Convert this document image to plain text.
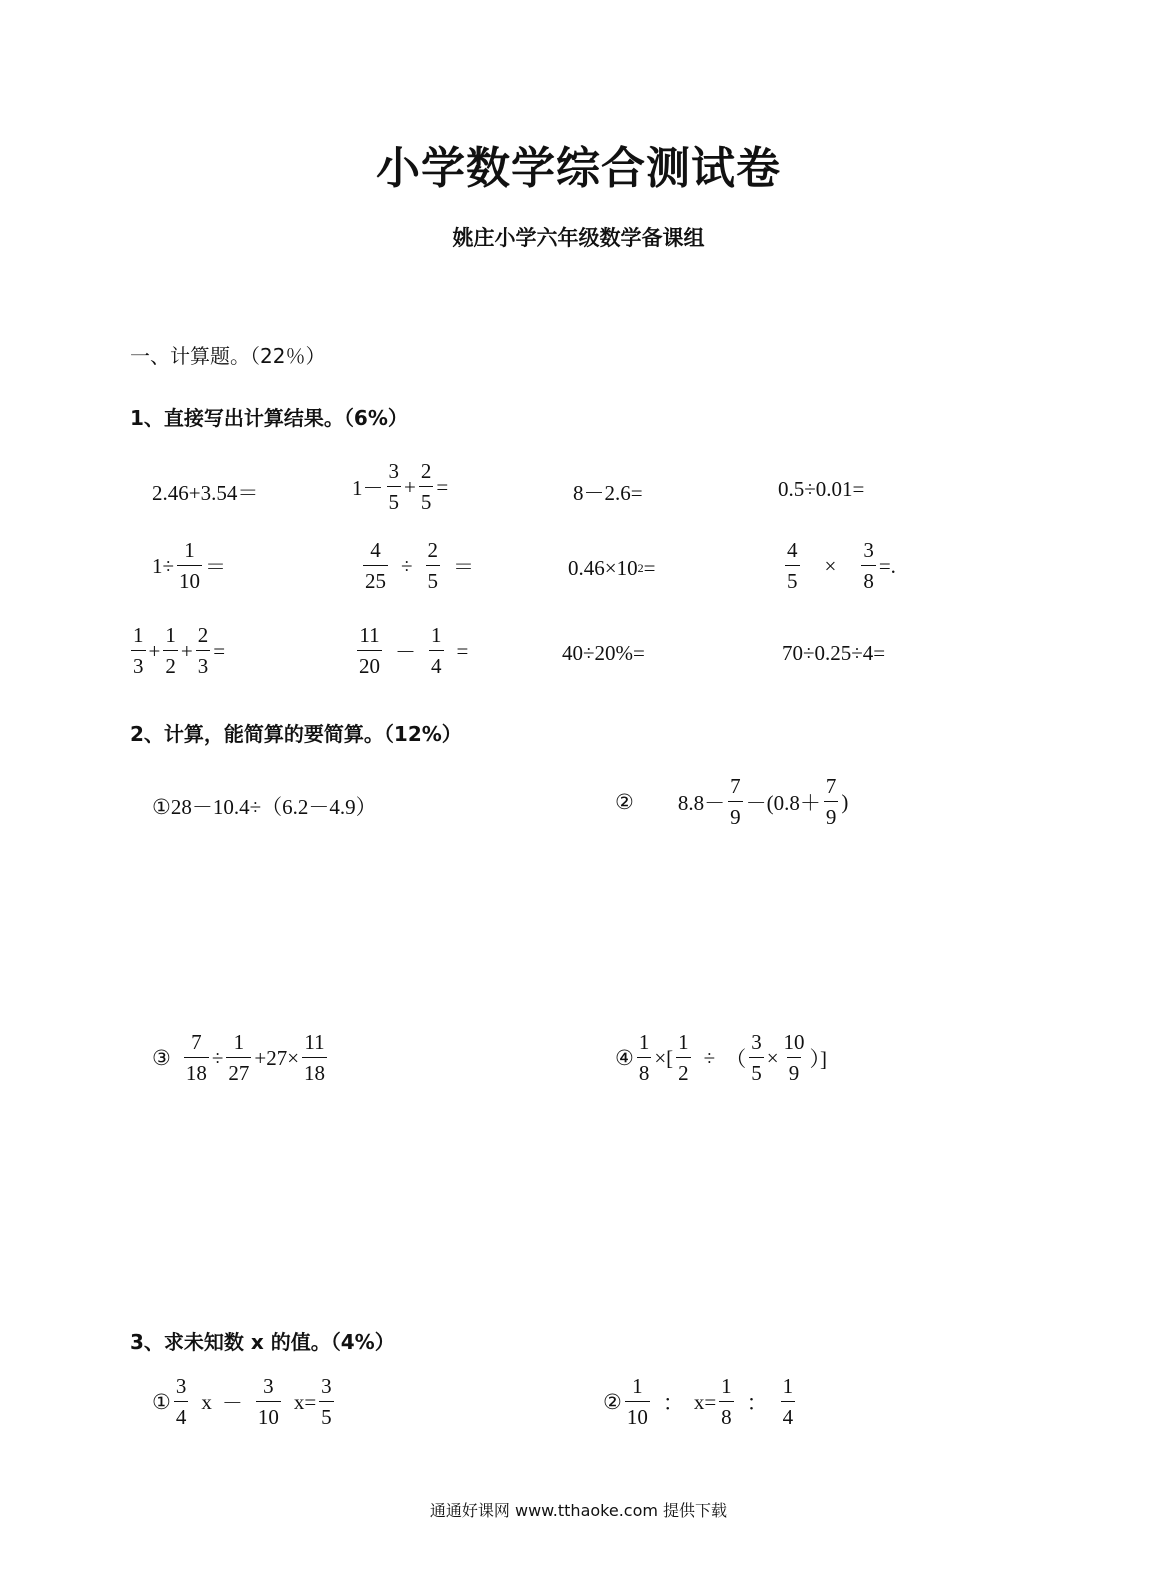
小学数学综合测试卷
姚庄小学六年级数学备课组
一、计算题。（22％）
1、直接写出计算结果。（6%）
2.46+3.54＝	$1- \frac{3}{5} + \frac{2}{5}$ =	8－2.6=	0.5÷0.01=
$1\div \frac{1}{10}$ ＝	$\frac{4}{25} \div \frac{2}{5}$ ＝	0.46×10 2 =	$\frac{4}{5} \times \frac{3}{8}$ =.
$\frac{1}{3} + \frac{1}{2} + \frac{2}{3}$ =	$\frac{11}{20} - \frac{1}{4}$ =	40÷20%=	70÷0.25÷4=
2、计算，能简算的要简算。（12%）
①28－10.4÷（6.2－4.9）	② $8.8- \frac{7}{9} -(0.8+ \frac{7}{9}$ )
③ $\frac{7}{18} \div \frac{1}{27} +27\times \frac{11}{18}$	④ $\frac{1}{8}$ ×[ $\frac{1}{2}$ ÷ （ $\frac{3}{5} \times \frac{10}{9}$ ）]
3、求未知数 x 的值。（4%）
① $\frac{3}{4}$ $x - \frac{3}{10}$ $x = \frac{3}{5}$	② $\frac{1}{10}$ ： $x = \frac{1}{8}$ ： $\frac{1}{4}$
通通好课网 www.tthaoke.com 提供下载
